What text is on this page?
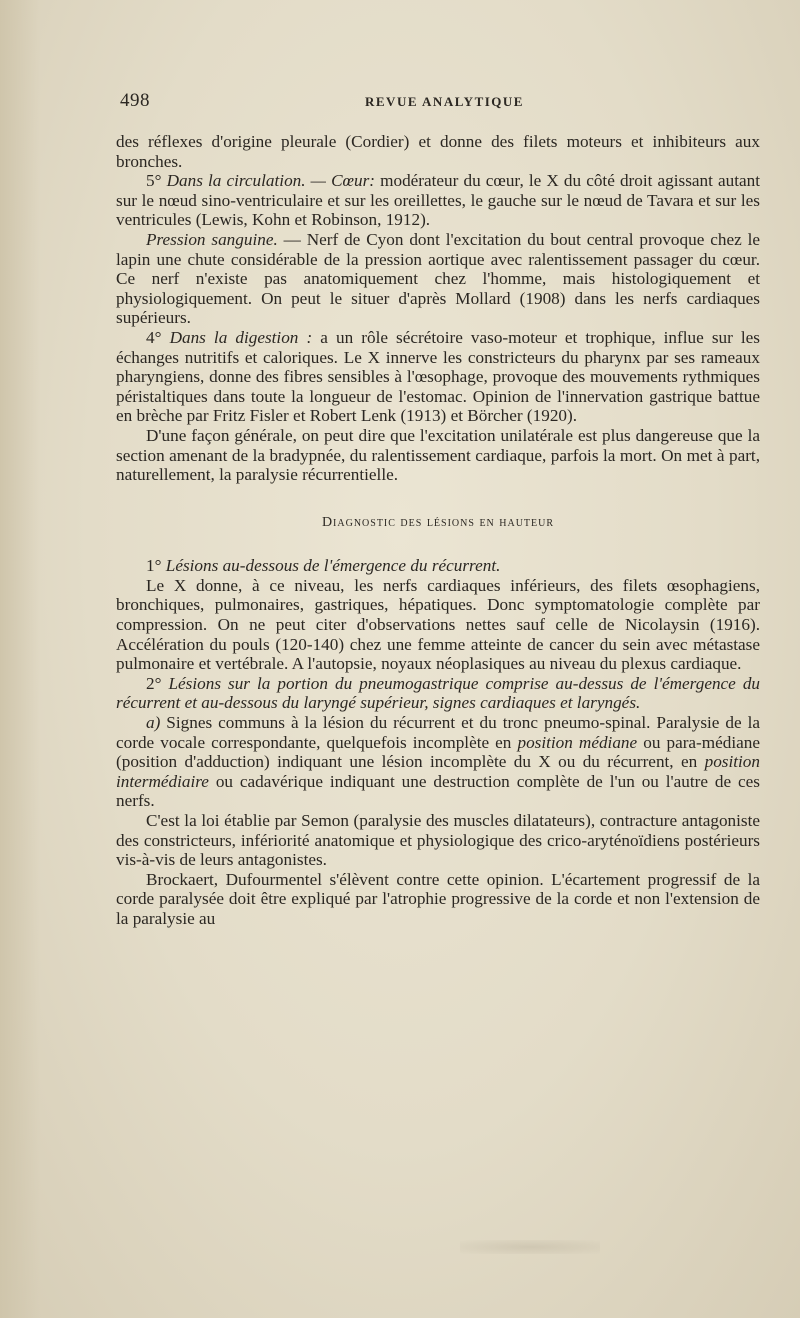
498	REVUE ANALYTIQUE

des réflexes d'origine pleurale (Cordier) et donne des filets moteurs et inhibiteurs aux bronches.

5° Dans la circulation. — Cœur: modérateur du cœur, le X du côté droit agissant autant sur le nœud sino-ventriculaire et sur les oreillettes, le gauche sur le nœud de Tavara et sur les ventricules (Lewis, Kohn et Robinson, 1912).

Pression sanguine. — Nerf de Cyon dont l'excitation du bout central provoque chez le lapin une chute considérable de la pression aortique avec ralentissement passager du cœur. Ce nerf n'existe pas anatomiquement chez l'homme, mais histologiquement et physiologiquement. On peut le situer d'après Mollard (1908) dans les nerfs cardiaques supérieurs.

4° Dans la digestion : a un rôle sécrétoire vaso-moteur et trophique, influe sur les échanges nutritifs et caloriques. Le X innerve les constricteurs du pharynx par ses rameaux pharyngiens, donne des fibres sensibles à l'œsophage, provoque des mouvements rythmiques péristaltiques dans toute la longueur de l'estomac. Opinion de l'innervation gastrique battue en brèche par Fritz Fisler et Robert Lenk (1913) et Börcher (1920).

D'une façon générale, on peut dire que l'excitation unilatérale est plus dangereuse que la section amenant de la bradypnée, du ralentissement cardiaque, parfois la mort. On met à part, naturellement, la paralysie récurrentielle.

Diagnostic des lésions en hauteur

1° Lésions au-dessous de l'émergence du récurrent.

Le X donne, à ce niveau, les nerfs cardiaques inférieurs, des filets œsophagiens, bronchiques, pulmonaires, gastriques, hépatiques. Donc symptomatologie complète par compression. On ne peut citer d'observations nettes sauf celle de Nicolaysin (1916). Accélération du pouls (120-140) chez une femme atteinte de cancer du sein avec métastase pulmonaire et vertébrale. A l'autopsie, noyaux néoplasiques au niveau du plexus cardiaque.

2° Lésions sur la portion du pneumogastrique comprise au-dessus de l'émergence du récurrent et au-dessous du laryngé supérieur, signes cardiaques et laryngés.

a) Signes communs à la lésion du récurrent et du tronc pneumo-spinal. Paralysie de la corde vocale correspondante, quelquefois incomplète en position médiane ou para-médiane (position d'adduction) indiquant une lésion incomplète du X ou du récurrent, en position intermédiaire ou cadavérique indiquant une destruction complète de l'un ou l'autre de ces nerfs.

C'est la loi établie par Semon (paralysie des muscles dilatateurs), contracture antagoniste des constricteurs, infériorité anatomique et physiologique des crico-aryténoïdiens postérieurs vis-à-vis de leurs antagonistes.

Brockaert, Dufourmentel s'élèvent contre cette opinion. L'écartement progressif de la corde paralysée doit être expliqué par l'atrophie progressive de la corde et non l'extension de la paralysie au
